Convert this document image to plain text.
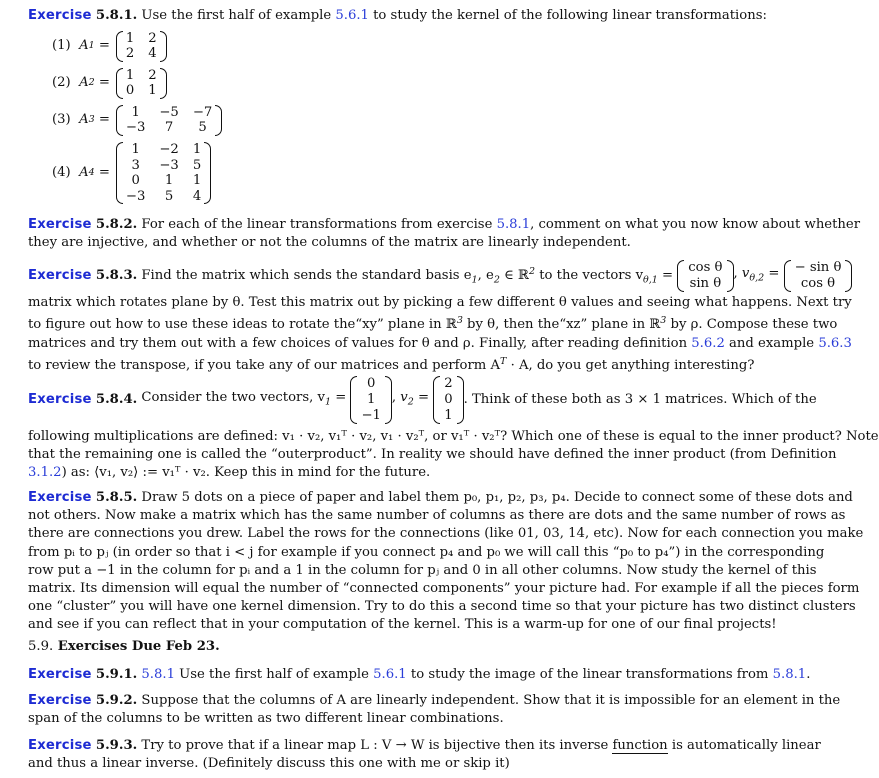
Exercise 5.8.1. Use the first half of example 5.6.1 to study the kernel of the following linear transformations:
(1)
A 1 = 1 2
2 4
(2)
A 2 = 1 2
0 1
(3)
A 3 =	1	−5 −7
−3	7	5
(4)
A 4 =
1	−2 1
3	−3 5
0	1	1
−3	5	4
Exercise 5.8.2. For each of the linear transformations from exercise 5.8.1, comment on what you now know about whether
they are injective, and whether or not the columns of the matrix are linearly independent.
Exercise
5.8.3. Find the matrix which sends the standard basis $e_1$, $e_2$ ∈ ℝ$^2$ to the vectors $v_{\theta,1}$ =
cos θ
sin θ
, $v_{\theta,2}$ = − sin θ
cos θ
matrix which rotates plane by θ. Test this matrix out by picking a few different θ values and seeing what happens. Next try
to figure out how to use these ideas to rotate the“xy” plane in ℝ$^3$ by θ, then the“xz” plane in ℝ$^3$ by ρ. Compose these two
matrices and try them out with a few choices of values for θ and ρ. Finally, after reading definition 5.6.2 and example 5.6.3
to review the transpose, if you take any of our matrices and perform $A^T \cdot A$, do you get anything interesting?
Exercise
5.8.4. Consider the two vectors, $v_1$ =
0
1
−1
, $v_2$ =
2
0
1
. Think of these both as 3 × 1 matrices. Which of the
following multiplications are defined: v₁ · v₂, v₁ᵀ · v₂, v₁ · v₂ᵀ, or v₁ᵀ · v₂ᵀ? Which one of these is equal to the inner product? Note
that the remaining one is called the “outerproduct”. In reality we should have defined the inner product (from Definition
3.1.2) as: ⟨v₁, v₂⟩ := v₁ᵀ · v₂. Keep this in mind for the future.
Exercise 5.8.5. Draw 5 dots on a piece of paper and label them p₀, p₁, p₂, p₃, p₄. Decide to connect some of these dots and
not others. Now make a matrix which has the same number of columns as there are dots and the same number of rows as
there are connections you drew. Label the rows for the connections (like 01, 03, 14, etc). Now for each connection you make
from pᵢ to pⱼ (in order so that i < j for example if you connect p₄ and p₀ we will call this “p₀ to p₄”) in the corresponding
row put a −1 in the column for pᵢ and a 1 in the column for pⱼ and 0 in all other columns. Now study the kernel of this
matrix. Its dimension will equal the number of “connected components” your picture had. For example if all the pieces form
one “cluster” you will have one kernel dimension. Try to do this a second time so that your picture has two distinct clusters
and see if you can reflect that in your computation of the kernel. This is a warm-up for one of our final projects!
5.9. Exercises Due Feb 23.
Exercise 5.9.1. 5.8.1 Use the first half of example 5.6.1 to study the image of the linear transformations from 5.8.1.
Exercise 5.9.2. Suppose that the columns of A are linearly independent. Show that it is impossible for an element in the
span of the columns to be written as two different linear combinations.
Exercise 5.9.3. Try to prove that if a linear map L : V → W is bijective then its inverse function is automatically linear
and thus a linear inverse. (Definitely discuss this one with me or skip it)
